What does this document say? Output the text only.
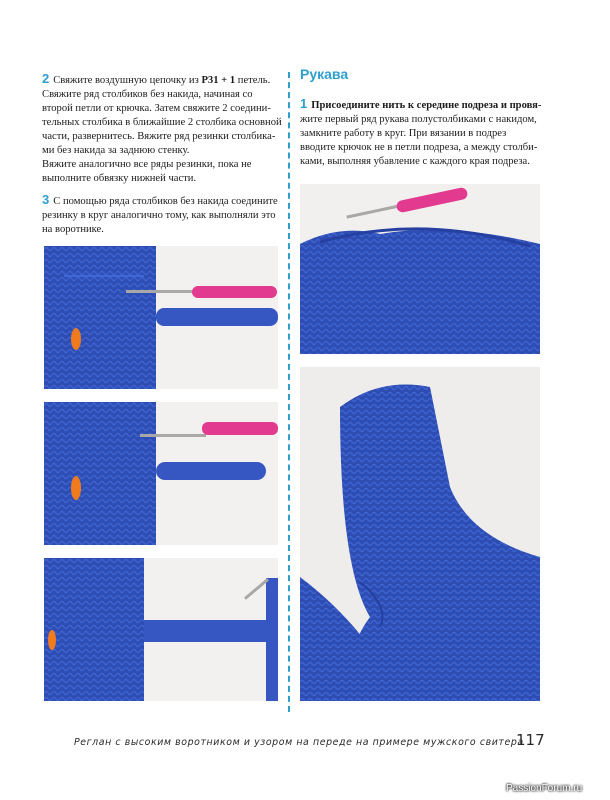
2 Свяжите воздушную цепочку из P31 + 1 петель.

Свяжите ряд столбиков без накида, начиная со

второй петли от крючка. Затем свяжите 2 соедини-

тельных столбика в ближайшие 2 столбика основной

части, развернитесь. Вяжите ряд резинки столбика-

ми без накида за заднюю стенку.

Вяжите аналогично все ряды резинки, пока не

выполните обвязку нижней части.

3 С помощью ряда столбиков без накида соедините

резинку в круг аналогично тому, как выполняли это

на воротнике.

Рукава

1 Присоедините нить к середине подреза и провя-

жите первый ряд рукава полустолбиками с накидом,

замкните работу в круг. При вязании в подрез

вводите крючок не в петли подреза, а между столби-

ками, выполняя убавление с каждого края подреза.

Реглан с высоким воротником и узором на переде на примере мужского свитера
117
PassionForum.ru
